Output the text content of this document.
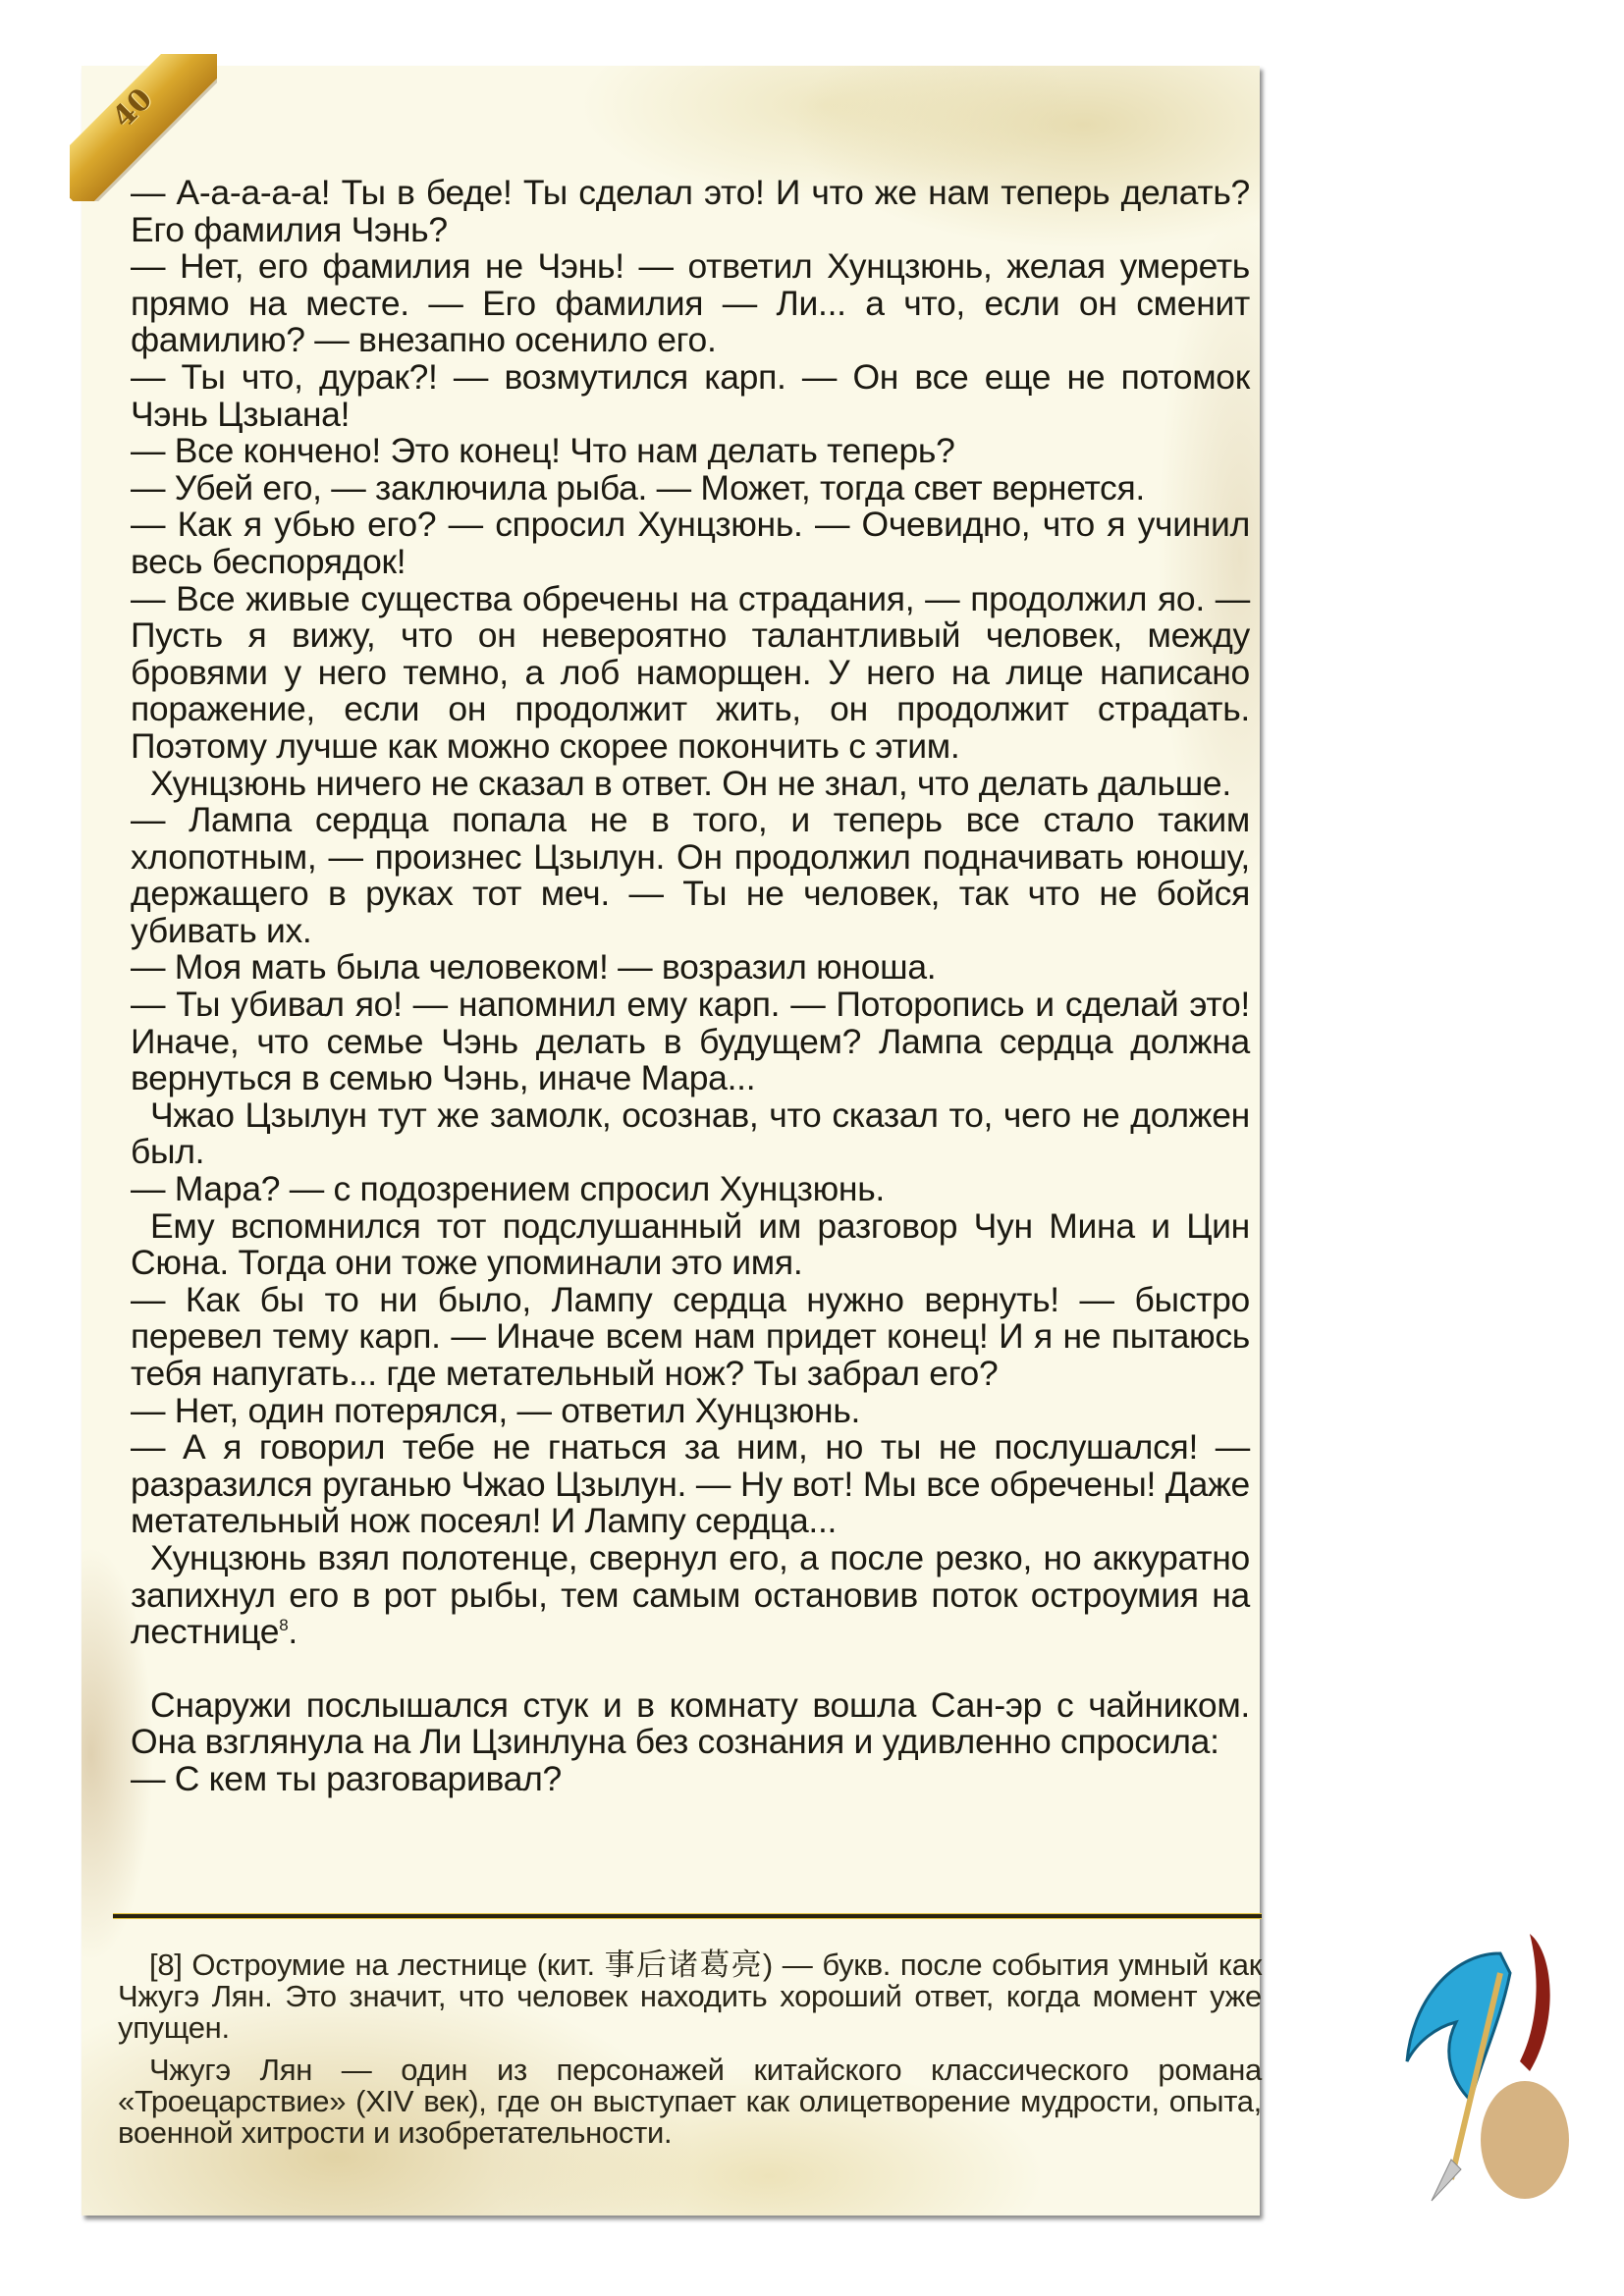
40

— А-а-а-а-а! Ты в беде! Ты сделал это! И что же нам теперь делать? Его фамилия Чэнь?

— Нет, его фамилия не Чэнь! — ответил Хунцзюнь, желая умереть прямо на месте. — Его фамилия — Ли... а что, если он сменит фамилию? — внезапно осенило его.

— Ты что, дурак?! — возмутился карп. — Он все еще не потомок Чэнь Цзыана!

— Все кончено! Это конец! Что нам делать теперь?

— Убей его, — заключила рыба. — Может, тогда свет вернется.

— Как я убью его? — спросил Хунцзюнь. — Очевидно, что я учинил весь беспорядок!

— Все живые существа обречены на страдания, — продолжил яо. — Пусть я вижу, что он невероятно талантливый человек, между бровями у него темно, а лоб наморщен. У него на лице написано поражение, если он продолжит жить, он продолжит страдать. Поэтому лучше как можно скорее покончить с этим.

Хунцзюнь ничего не сказал в ответ. Он не знал, что делать дальше.

— Лампа сердца попала не в того, и теперь все стало таким хлопотным, — произнес Цзылун. Он продолжил подначивать юношу, держащего в руках тот меч. — Ты не человек, так что не бойся убивать их.

— Моя мать была человеком! — возразил юноша.

— Ты убивал яо! — напомнил ему карп. — Поторопись и сделай это! Иначе, что семье Чэнь делать в будущем? Лампа сердца должна вернуться в семью Чэнь, иначе Мара...

Чжао Цзылун тут же замолк, осознав, что сказал то, чего не должен был.

— Мара? — с подозрением спросил Хунцзюнь.

Ему вспомнился тот подслушанный им разговор Чун Мина и Цин Сюна. Тогда они тоже упоминали это имя.

— Как бы то ни было, Лампу сердца нужно вернуть! — быстро перевел тему карп. — Иначе всем нам придет конец! И я не пытаюсь тебя напугать... где метательный нож? Ты забрал его?

— Нет, один потерялся, — ответил Хунцзюнь.

— А я говорил тебе не гнаться за ним, но ты не послушался! — разразился руганью Чжао Цзылун. — Ну вот! Мы все обречены! Даже метательный нож посеял! И Лампу сердца...

Хунцзюнь взял полотенце, свернул его, а после резко, но аккуратно запихнул его в рот рыбы, тем самым остановив поток остроумия на лестнице$^8$.

Снаружи послышался стук и в комнату вошла Сан-эр с чайником. Она взглянула на Ли Цзинлуна без сознания и удивленно спросила:

— С кем ты разговаривал?

[8] Остроумие на лестнице (кит. 事后诸葛亮) — букв. после события умный как Чжугэ Лян. Это значит, что человек находить хороший ответ, когда момент уже упущен.

Чжугэ Лян — один из персонажей китайского классического романа «Троецарствие» (XIV век), где он выступает как олицетворение мудрости, опыта, военной хитрости и изобретательности.
